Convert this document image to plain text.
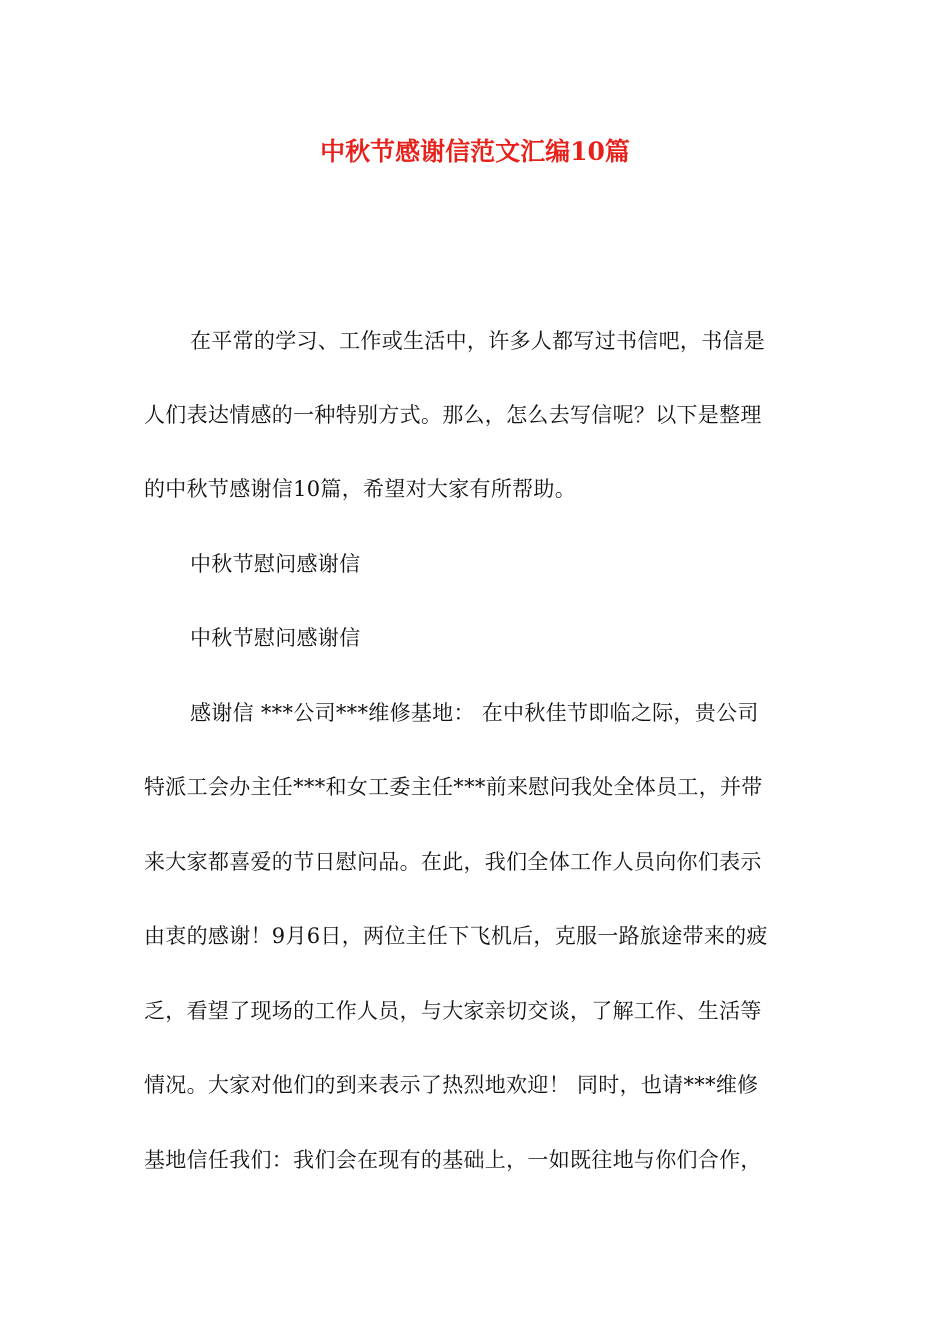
中秋节感谢信范文汇编10篇
在平常的学习、工作或生活中，许多人都写过书信吧，书信是
人们表达情感的一种特别方式。那么，怎么去写信呢？以下是整理
的中秋节感谢信10篇，希望对大家有所帮助。
中秋节慰问感谢信
中秋节慰问感谢信
感谢信 ***公司***维修基地： 在中秋佳节即临之际，贵公司
特派工会办主任***和女工委主任***前来慰问我处全体员工，并带
来大家都喜爱的节日慰问品。在此，我们全体工作人员向你们表示
由衷的感谢！9月6日，两位主任下飞机后，克服一路旅途带来的疲
乏，看望了现场的工作人员，与大家亲切交谈，了解工作、生活等
情况。大家对他们的到来表示了热烈地欢迎！ 同时，也请***维修
基地信任我们：我们会在现有的基础上，一如既往地与你们合作，
